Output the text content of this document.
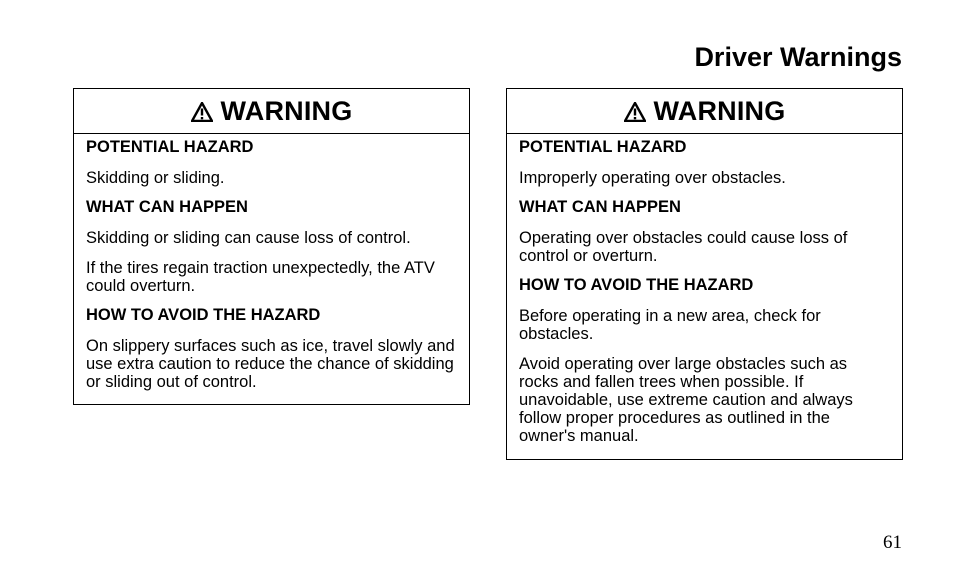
Driver Warnings
WARNING

POTENTIAL HAZARD

Skidding or sliding.

WHAT CAN HAPPEN

Skidding or sliding can cause loss of control.

If the tires regain traction unexpectedly, the ATV could overturn.

HOW TO AVOID THE HAZARD

On slippery surfaces such as ice, travel slowly and use extra caution to reduce the chance of skidding or sliding out of control.

WARNING

POTENTIAL HAZARD

Improperly operating over obstacles.

WHAT CAN HAPPEN

Operating over obstacles could cause loss of control or overturn.

HOW TO AVOID THE HAZARD

Before operating in a new area, check for obstacles.

Avoid operating over large obstacles such as rocks and fallen trees when possible. If unavoidable, use extreme caution and always follow proper procedures as outlined in the owner's manual.

61
